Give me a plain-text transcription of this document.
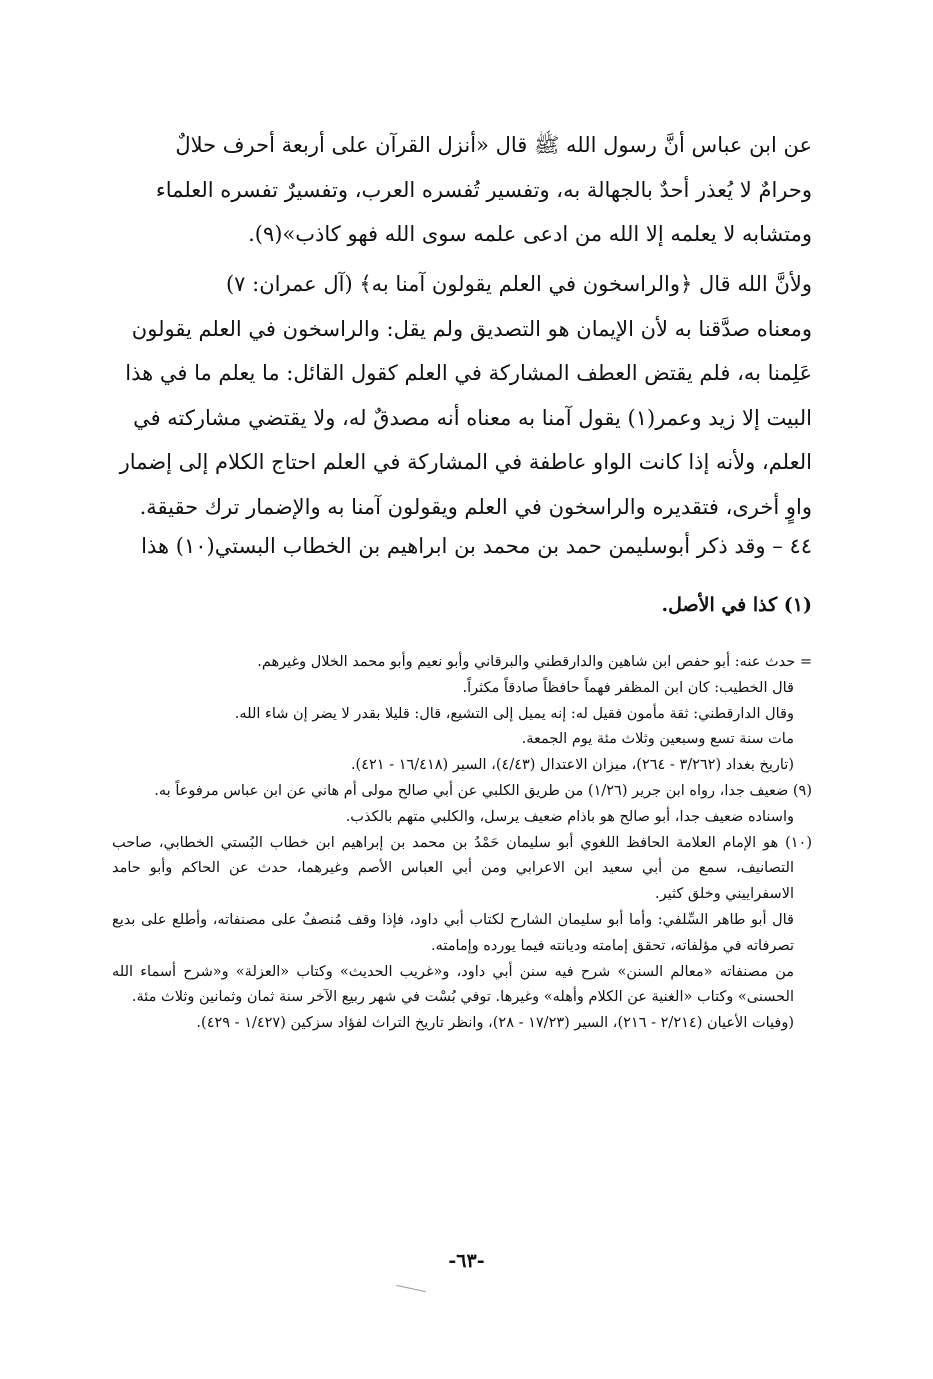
عن ابن عباس أنَّ رسول الله ﷺ قال «أنزل القرآن على أربعة أحرف حلالٌ

وحرامٌ لا يُعذر أحدٌ بالجهالة به، وتفسير تُفسره العرب، وتفسيرٌ تفسره العلماء

ومتشابه لا يعلمه إلا الله من ادعى علمه سوى الله فهو كاذب»(٩).

ولأنَّ الله قال ﴿والراسخون في العلم يقولون آمنا به﴾ (آل عمران: ٧)

ومعناه صدَّقنا به لأن الإيمان هو التصديق ولم يقل: والراسخون في العلم يقولون

عَلِمنا به، فلم يقتض العطف المشاركة في العلم كقول القائل: ما يعلم ما في هذا

البيت إلا زيد وعمر(١) يقول آمنا به معناه أنه مصدقٌ له، ولا يقتضي مشاركته في

العلم، ولأنه إذا كانت الواو عاطفة في المشاركة في العلم احتاج الكلام إلى إضمار

واوٍ أخرى، فتقديره والراسخون في العلم ويقولون آمنا به والإضمار ترك حقيقة.

٤٤ – وقد ذكر أبوسليمن حمد بن محمد بن ابراهيم بن الخطاب البستي(١٠) هذا

(١) كذا في الأصل.

= حدث عنه: أبو حفص ابن شاهين والدارقطني والبرقاني وأبو نعيم وأبو محمد الخلال وغيرهم.

قال الخطيب: كان ابن المظفر فهماً حافظاً صادقاً مكثراً.

وقال الدارقطني: ثقة مأمون فقيل له: إنه يميل إلى التشيع، قال: قليلا بقدر لا يضر إن شاء الله.

مات سنة تسع وسبعين وثلاث مئة يوم الجمعة.

(تاريخ بغداد (٣/٢٦٢ - ٢٦٤)، ميزان الاعتدال (٤/٤٣)، السير (١٦/٤١٨ - ٤٢١).

(٩) ضعيف جدا، رواه ابن جرير (١/٢٦) من طريق الكلبي عن أبي صالح مولى أم هاني عن ابن عباس مرفوعاً به.

واسناده ضعيف جدا، أبو صالح هو باذام ضعيف يرسل، والكلبي متهم بالكذب.

(١٠) هو الإمام العلامة الحافظ اللغوي أبو سليمان حَمْدُ بن محمد بن إبراهيم ابن خطاب البُستي الخطابي، صاحب التصانيف، سمع من أبي سعيد ابن الاعرابي ومن أبي العباس الأصم وغيرهما، حدث عن الحاكم وأبو حامد الاسفراييني وخلق كثير.

قال أبو طاهر السِّلفي: وأما أبو سليمان الشارح لكتاب أبي داود، فإذا وقف مُنصفٌ على مصنفاته، وأطلع على بديع تصرفاته في مؤلفاته، تحقق إمامته وديانته فيما يورده وإمامته.

من مصنفاته «معالم السنن» شرح فيه سنن أبي داود، و«غريب الحديث» وكتاب «العزلة» و«شرح أسماء الله الحسنى» وكتاب «الغنية عن الكلام وأهله» وغيرها. توفي بُسْت في شهر ربيع الآخر سنة ثمان وثمانين وثلاث مئة.

(وفيات الأعيان (٢/٢١٤ - ٢١٦)، السير (١٧/٢٣ - ٢٨)، وانظر تاريخ التراث لفؤاد سزكين (١/٤٢٧ - ٤٢٩).

-٦٣-
